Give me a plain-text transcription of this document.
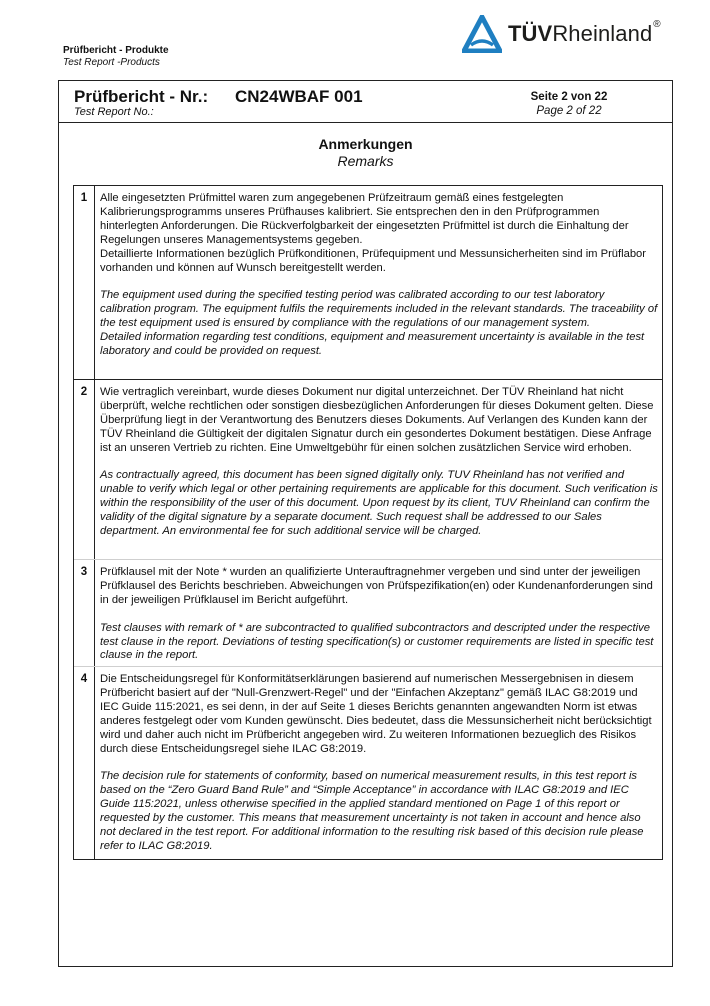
TÜVRheinland®
Prüfbericht - Produkte
Test Report -Products
Prüfbericht - Nr.:
Test Report No.:
CN24WBAF 001	Seite 2 von 22
Page 2 of 22
Anmerkungen
Remarks
1	Alle eingesetzten Prüfmittel waren zum angegebenen Prüfzeitraum gemäß eines festgelegten Kalibrierungsprogramms unseres Prüfhauses kalibriert. Sie entsprechen den in den Prüfprogrammen hinterlegten Anforderungen. Die Rückverfolgbarkeit der eingesetzten Prüfmittel ist durch die Einhaltung der Regelungen unseres Managementsystems gegeben.

Detaillierte Informationen bezüglich Prüfkonditionen, Prüfequipment und Messunsicherheiten sind im Prüflabor vorhanden und können auf Wunsch bereitgestellt werden.

The equipment used during the specified testing period was calibrated according to our test laboratory calibration program. The equipment fulfils the requirements included in the relevant standards. The traceability of the test equipment used is ensured by compliance with the regulations of our management system.

Detailed information regarding test conditions, equipment and measurement uncertainty is available in the test laboratory and could be provided on request.

2	Wie vertraglich vereinbart, wurde dieses Dokument nur digital unterzeichnet. Der TÜV Rheinland hat nicht überprüft, welche rechtlichen oder sonstigen diesbezüglichen Anforderungen für dieses Dokument gelten. Diese Überprüfung liegt in der Verantwortung des Benutzers dieses Dokuments. Auf Verlangen des Kunden kann der TÜV Rheinland die Gültigkeit der digitalen Signatur durch ein gesondertes Dokument bestätigen. Diese Anfrage ist an unseren Vertrieb zu richten. Eine Umweltgebühr für einen solchen zusätzlichen Service wird erhoben.

As contractually agreed, this document has been signed digitally only. TUV Rheinland has not verified and unable to verify which legal or other pertaining requirements are applicable for this document. Such verification is within the responsibility of the user of this document. Upon request by its client, TUV Rheinland can confirm the validity of the digital signature by a separate document. Such request shall be addressed to our Sales department. An environmental fee for such additional service will be charged.

3	Prüfklausel mit der Note * wurden an qualifizierte Unterauftragnehmer vergeben und sind unter der jeweiligen Prüfklausel des Berichts beschrieben. Abweichungen von Prüfspezifikation(en) oder Kundenanforderungen sind in der jeweiligen Prüfklausel im Bericht aufgeführt.

Test clauses with remark of * are subcontracted to qualified subcontractors and descripted under the respective test clause in the report. Deviations of testing specification(s) or customer requirements are listed in specific test clause in the report.

4	Die Entscheidungsregel für Konformitätserklärungen basierend auf numerischen Messergebnisen in diesem Prüfbericht basiert auf der "Null-Grenzwert-Regel" und der "Einfachen Akzeptanz" gemäß ILAC G8:2019 und IEC Guide 115:2021, es sei denn, in der auf Seite 1 dieses Berichts genannten angewandten Norm ist etwas anderes festgelegt oder vom Kunden gewünscht. Dies bedeutet, dass die Messunsicherheit nicht berücksichtigt wird und daher auch nicht im Prüfbericht angegeben wird. Zu weiteren Informationen bezueglich des Risikos durch diese Entscheidungsregel siehe ILAC G8:2019.

The decision rule for statements of conformity, based on numerical measurement results, in this test report is based on the “Zero Guard Band Rule” and “Simple Acceptance” in accordance with ILAC G8:2019 and IEC Guide 115:2021, unless otherwise specified in the applied standard mentioned on Page 1 of this report or requested by the customer. This means that measurement uncertainty is not taken in account and hence also not declared in the test report. For additional information to the resulting risk based of this decision rule please refer to ILAC G8:2019.
